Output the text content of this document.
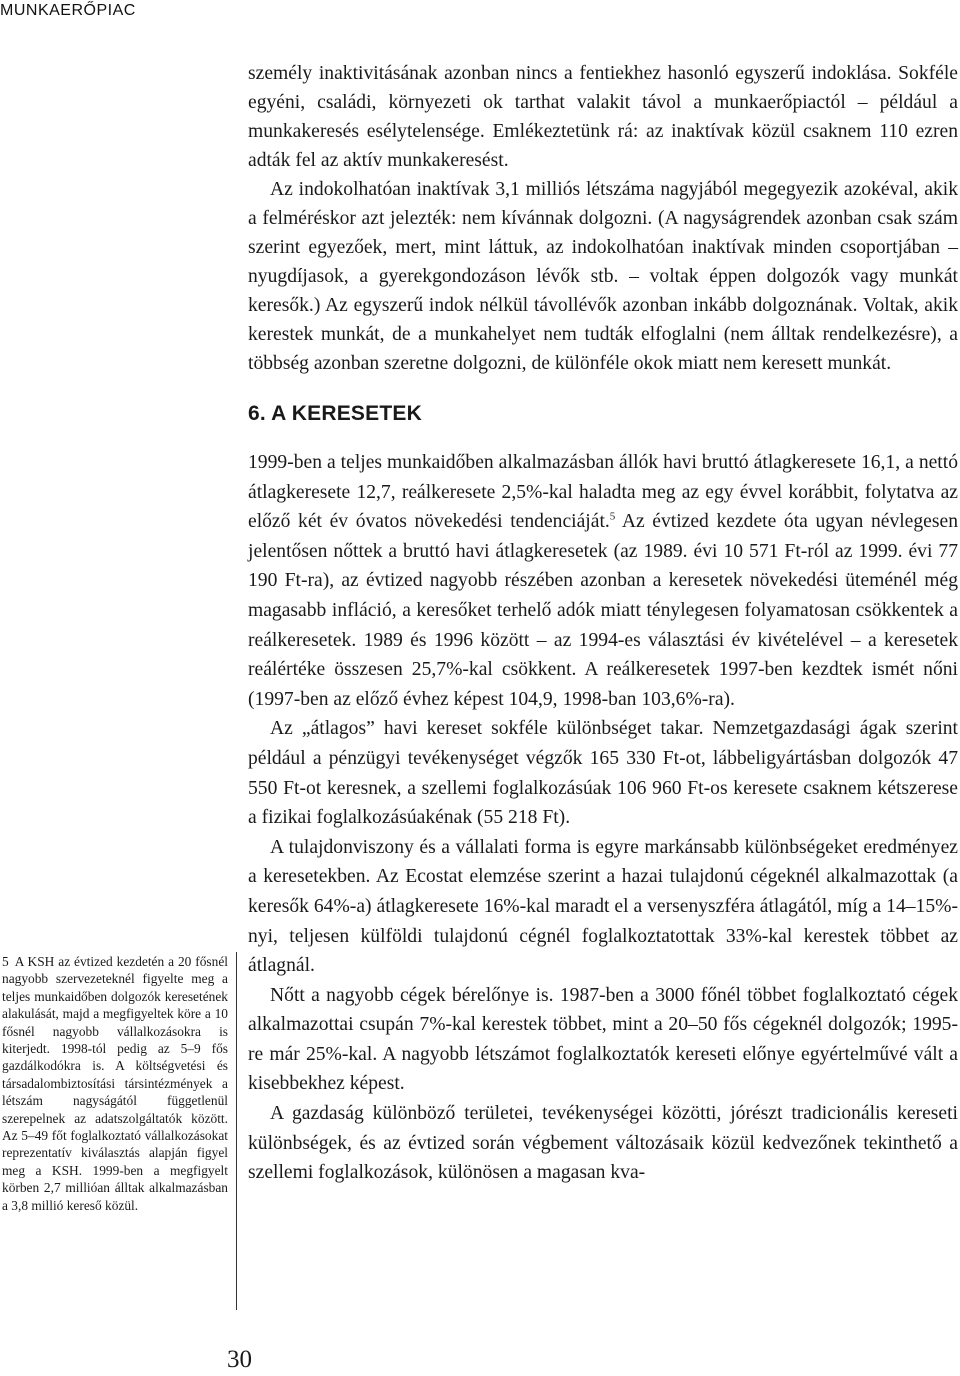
MUNKAERŐPIAC

személy inaktivitásának azonban nincs a fentiekhez hasonló egyszerű indoklása. Sokféle egyéni, családi, környezeti ok tarthat valakit távol a munkaerőpiactól – például a munkakeresés esélytelensége. Emlékeztetünk rá: az inaktívak közül csaknem 110 ezren adták fel az aktív munkakeresést.

Az indokolhatóan inaktívak 3,1 milliós létszáma nagyjából megegyezik azokéval, akik a felméréskor azt jelezték: nem kívánnak dolgozni. (A nagyságrendek azonban csak szám szerint egyezőek, mert, mint láttuk, az indokolhatóan inaktívak minden csoportjában – nyugdíjasok, a gyerekgondozáson lévők stb. – voltak éppen dolgozók vagy munkát keresők.) Az egyszerű indok nélkül távollévők azonban inkább dolgoznának. Voltak, akik kerestek munkát, de a munkahelyet nem tudták elfoglalni (nem álltak rendelkezésre), a többség azonban szeretne dolgozni, de különféle okok miatt nem keresett munkát.

6. A KERESETEK

1999-ben a teljes munkaidőben alkalmazásban állók havi bruttó átlagkeresete 16,1, a nettó átlagkeresete 12,7, reálkeresete 2,5%-kal haladta meg az egy évvel korábbit, folytatva az előző két év óvatos növekedési tendenciáját.$^5$ Az évtized kezdete óta ugyan névlegesen jelentősen nőttek a bruttó havi átlagkeresetek (az 1989. évi 10 571 Ft-ról az 1999. évi 77 190 Ft-ra), az évtized nagyobb részében azonban a keresetek növekedési üteménél még magasabb infláció, a keresőket terhelő adók miatt ténylegesen folyamatosan csökkentek a reálkeresetek. 1989 és 1996 között – az 1994-es választási év kivételével – a keresetek reálértéke összesen 25,7%-kal csökkent. A reálkeresetek 1997-ben kezdtek ismét nőni (1997-ben az előző évhez képest 104,9, 1998-ban 103,6%-ra).

Az „átlagos” havi kereset sokféle különbséget takar. Nemzetgazdasági ágak szerint például a pénzügyi tevékenységet végzők 165 330 Ft-ot, lábbeligyártásban dolgozók 47 550 Ft-ot keresnek, a szellemi foglalkozásúak 106 960 Ft-os keresete csaknem kétszerese a fizikai foglalkozásúakénak (55 218 Ft).

A tulajdonviszony és a vállalati forma is egyre markánsabb különbségeket eredményez a keresetekben. Az Ecostat elemzése szerint a hazai tulajdonú cégeknél alkalmazottak (a keresők 64%-a) átlagkeresete 16%-kal maradt el a versenyszféra átlagától, míg a 14–15%-nyi, teljesen külföldi tulajdonú cégnél foglalkoztatottak 33%-kal kerestek többet az átlagnál.

Nőtt a nagyobb cégek bérelőnye is. 1987-ben a 3000 főnél többet foglalkoztató cégek alkalmazottai csupán 7%-kal kerestek többet, mint a 20–50 fős cégeknél dolgozók; 1995-re már 25%-kal. A nagyobb létszámot foglalkoztatók kereseti előnye egyértelművé vált a kisebbekhez képest.

A gazdaság különböző területei, tevékenységei közötti, jórészt tradicionális kereseti különbségek, és az évtized során végbement változásaik közül kedvezőnek tekinthető a szellemi foglalkozások, különösen a magasan kva-

5 A KSH az évtized kezdetén a 20 fősnél nagyobb szervezeteknél figyelte meg a teljes munkaidőben dolgozók keresetének alakulását, majd a megfigyeltek köre a 10 fősnél nagyobb vállalkozásokra is kiterjedt. 1998-tól pedig az 5–9 fős gazdálkodókra is. A költségvetési és társadalombiztosítási társintézmények a létszám nagyságától függetlenül szerepelnek az adatszolgáltatók között. Az 5–49 főt foglalkoztató vállalkozásokat reprezentatív kiválasztás alapján figyel meg a KSH. 1999-ben a megfigyelt körben 2,7 millióan álltak alkalmazásban a 3,8 millió kereső közül.
30
